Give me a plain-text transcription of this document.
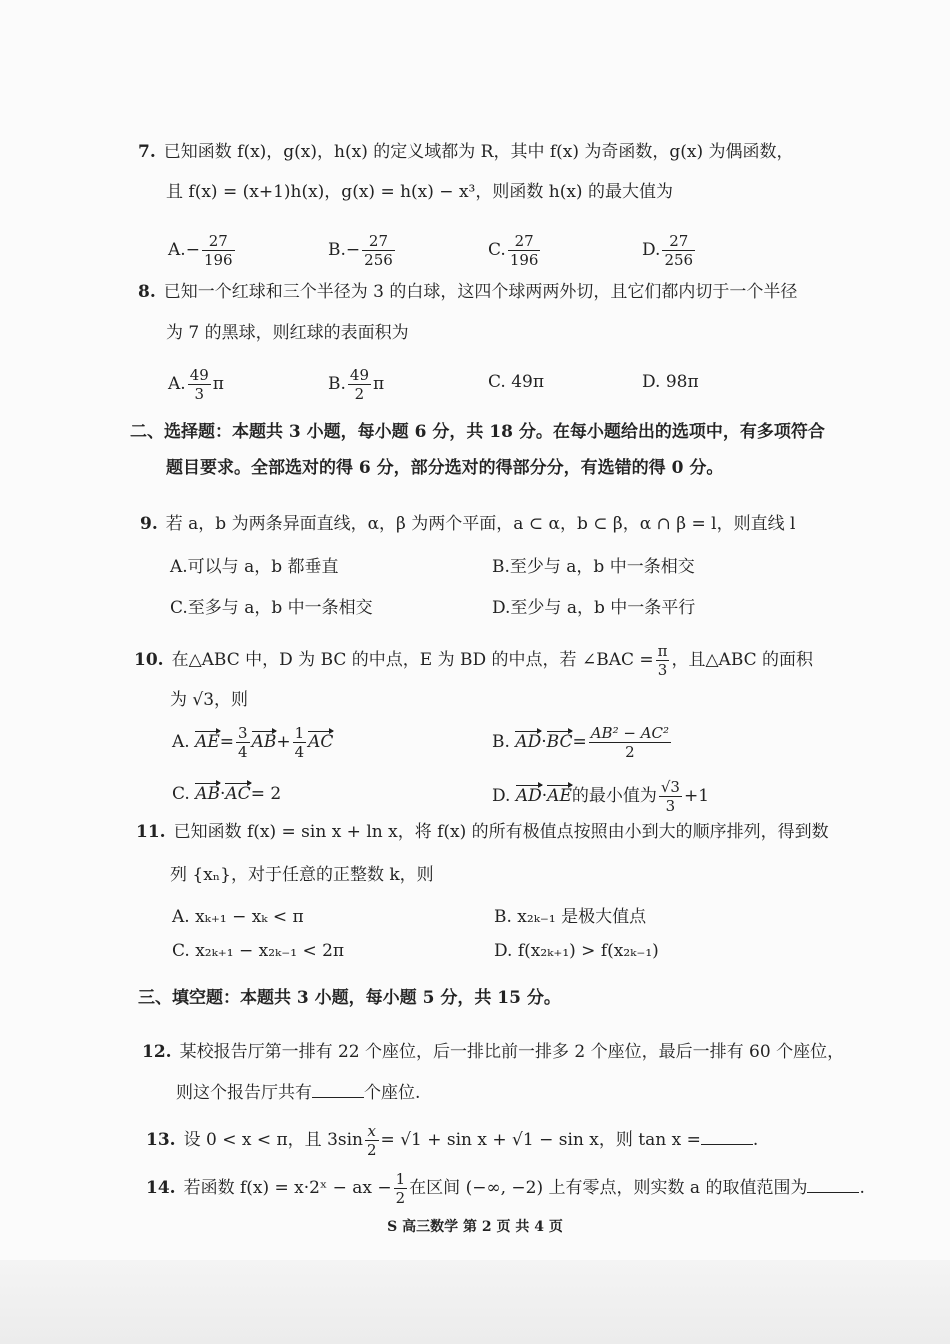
7. 已知函数 f(x)，g(x)，h(x) 的定义域都为 R，其中 f(x) 为奇函数，g(x) 为偶函数，
且 f(x) = (x+1)h(x)，g(x) = h(x) − x³，则函数 h(x) 的最大值为
$A.- \frac{27}{196}$	$B.- \frac{27}{256}$	C. $\frac{27}{196}$	D. $\frac{27}{256}$
8. 已知一个红球和三个半径为 3 的白球，这四个球两两外切，且它们都内切于一个半径
为 7 的黑球，则红球的表面积为
A. $\frac{49}{3}$ π	B. $\frac{49}{2}$ π	C. 49π	D. 98π
二、选择题：本题共 3 小题，每小题 6 分，共 18 分。在每小题给出的选项中，有多项符合
题目要求。全部选对的得 6 分，部分选对的得部分分，有选错的得 0 分。
9. 若 a，b 为两条异面直线，α，β 为两个平面，a ⊂ α，b ⊂ β，α ∩ β = l，则直线 l
A.可以与 a，b 都垂直	B.至少与 a，b 中一条相交
C.至多与 a，b 中一条相交	D.至少与 a，b 中一条平行
10. 在△ABC 中，D 为 BC 的中点，E 为 BD 的中点，若 ∠BAC = $\frac{\pi}{3}$ ，且△ABC 的面积
为 √3，则
A. $AE= \frac{3}{4} AB+ \frac{1}{4}$ AC	B. $AD\cdot BC= \frac{\text{AB² − AC²}}{2}$
C. AB·AC= 2	D. AD·AE的最小值为 $\frac{√3}{3} +1$
11. 已知函数 f(x) = sin x + ln x，将 f(x) 的所有极值点按照由小到大的顺序排列，得到数
列 {xₙ}，对于任意的正整数 k，则
A. xₖ₊₁ − xₖ < π	B. x₂ₖ₋₁ 是极大值点
C. x₂ₖ₊₁ − x₂ₖ₋₁ < 2π	D. f(x₂ₖ₊₁) > f(x₂ₖ₋₁)
三、填空题：本题共 3 小题，每小题 5 分，共 15 分。
12. 某校报告厅第一排有 22 个座位，后一排比前一排多 2 个座位，最后一排有 60 个座位，
则这个报告厅共有	个座位.
13. 设 0 < x < π，且 $3\sin \frac{x}{2} = √1 + \sin x + √1 - \sin x$，则 tan x =	.
14. 若函数 f(x) = x·2ˣ − ax − $\frac{1}{2}$ 在区间 (−∞, −2) 上有零点，则实数 a 的取值范围为	.
S 高三数学 第 2 页 共 4 页
